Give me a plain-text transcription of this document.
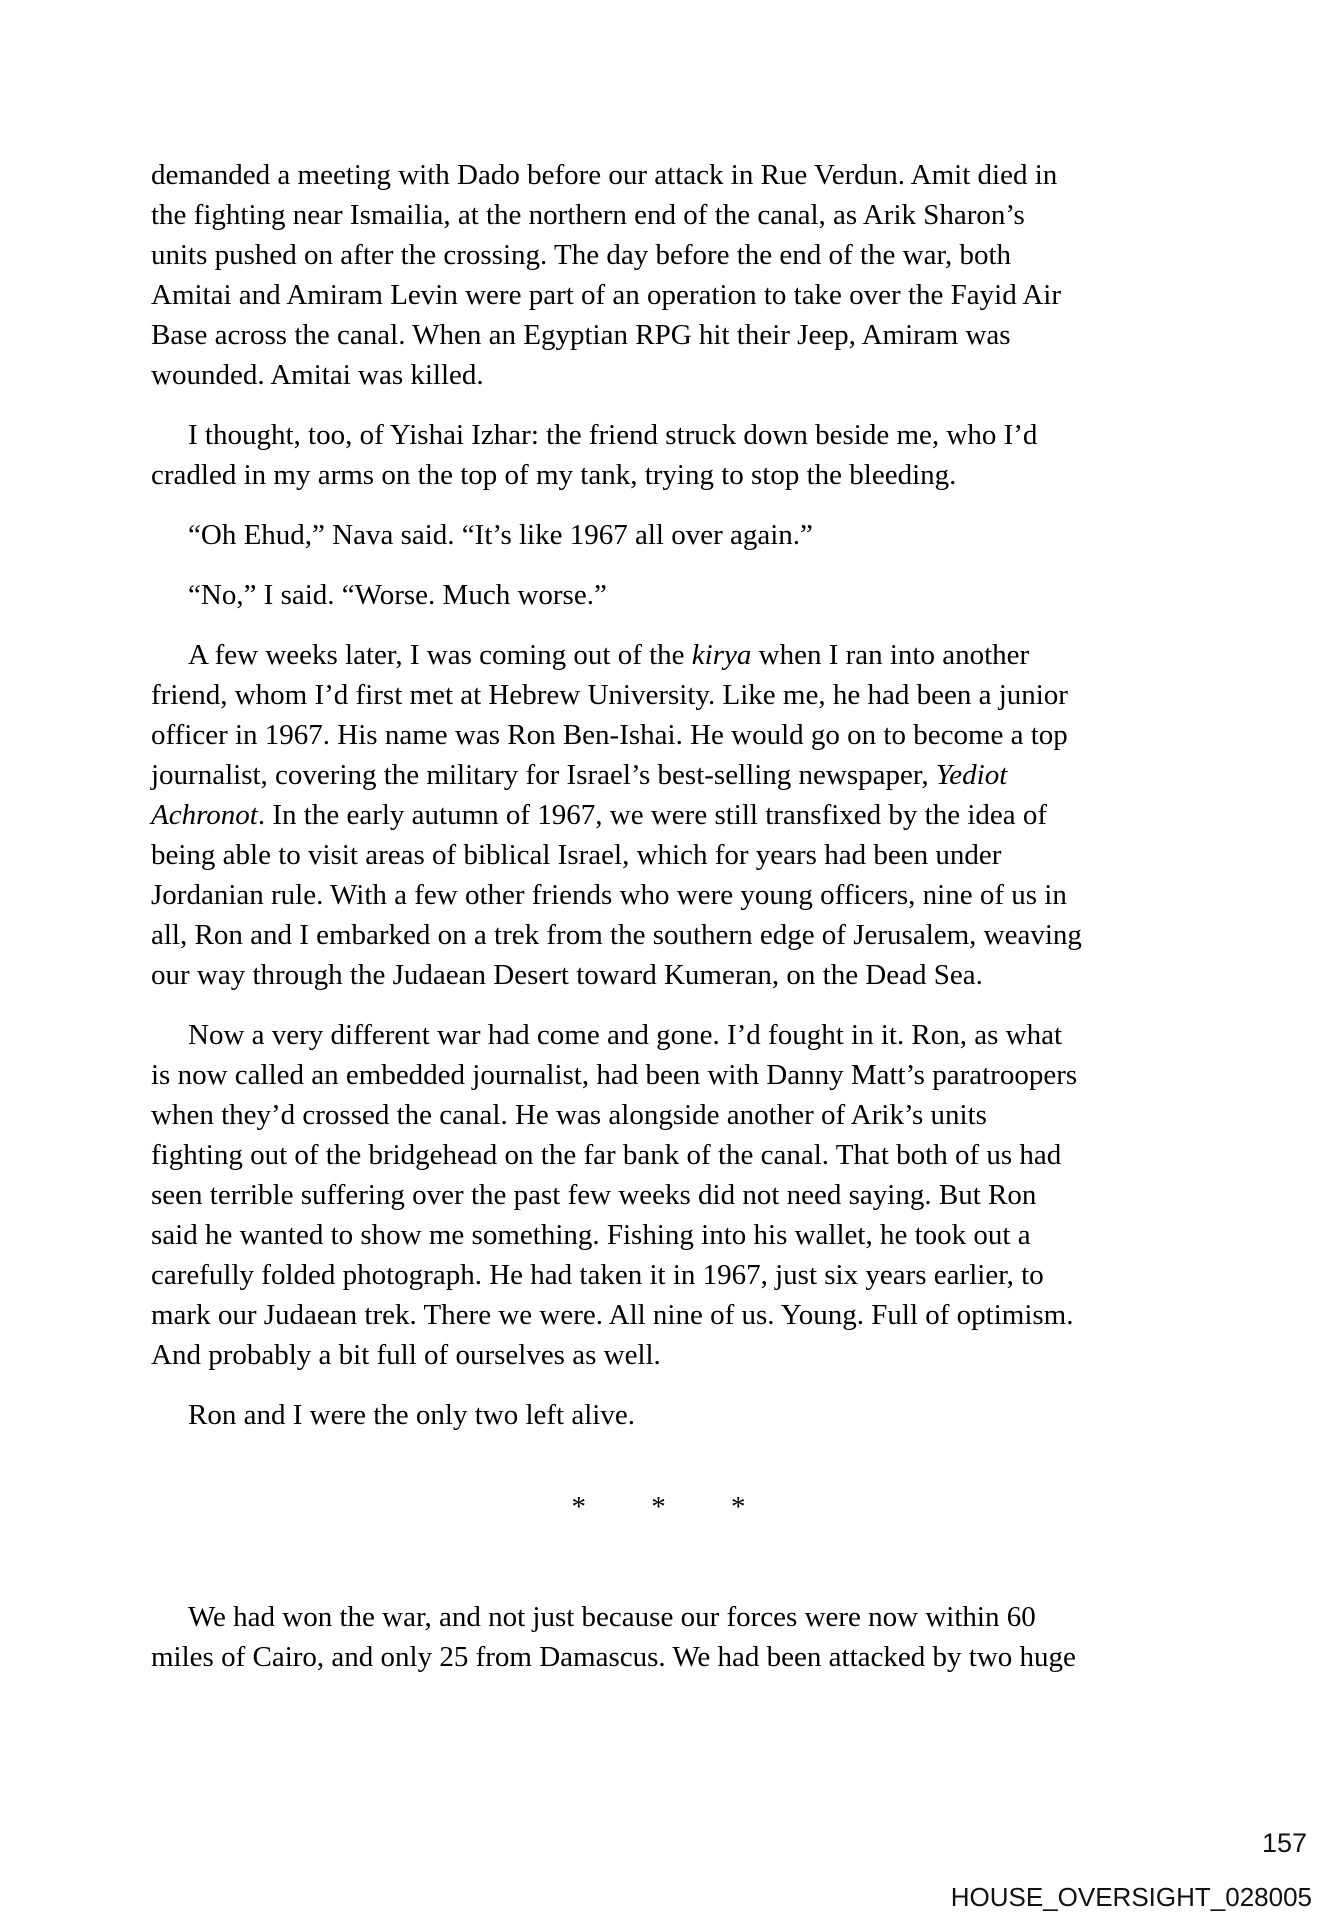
demanded a meeting with Dado before our attack in Rue Verdun. Amit died in
the fighting near Ismailia, at the northern end of the canal, as Arik Sharon’s
units pushed on after the crossing. The day before the end of the war, both
Amitai and Amiram Levin were part of an operation to take over the Fayid Air
Base across the canal. When an Egyptian RPG hit their Jeep, Amiram was
wounded. Amitai was killed.

I thought, too, of Yishai Izhar: the friend struck down beside me, who I’d
cradled in my arms on the top of my tank, trying to stop the bleeding.

“Oh Ehud,” Nava said. “It’s like 1967 all over again.”

“No,” I said. “Worse. Much worse.”

A few weeks later, I was coming out of the kirya when I ran into another
friend, whom I’d first met at Hebrew University. Like me, he had been a junior
officer in 1967. His name was Ron Ben-Ishai. He would go on to become a top
journalist, covering the military for Israel’s best-selling newspaper, Yediot
Achronot. In the early autumn of 1967, we were still transfixed by the idea of
being able to visit areas of biblical Israel, which for years had been under
Jordanian rule. With a few other friends who were young officers, nine of us in
all, Ron and I embarked on a trek from the southern edge of Jerusalem, weaving
our way through the Judaean Desert toward Kumeran, on the Dead Sea.

Now a very different war had come and gone. I’d fought in it. Ron, as what
is now called an embedded journalist, had been with Danny Matt’s paratroopers
when they’d crossed the canal. He was alongside another of Arik’s units
fighting out of the bridgehead on the far bank of the canal. That both of us had
seen terrible suffering over the past few weeks did not need saying. But Ron
said he wanted to show me something. Fishing into his wallet, he took out a
carefully folded photograph. He had taken it in 1967, just six years earlier, to
mark our Judaean trek. There we were. All nine of us. Young. Full of optimism.
And probably a bit full of ourselves as well.

Ron and I were the only two left alive.

* * *

We had won the war, and not just because our forces were now within 60
miles of Cairo, and only 25 from Damascus. We had been attacked by two huge

157
HOUSE_OVERSIGHT_028005
